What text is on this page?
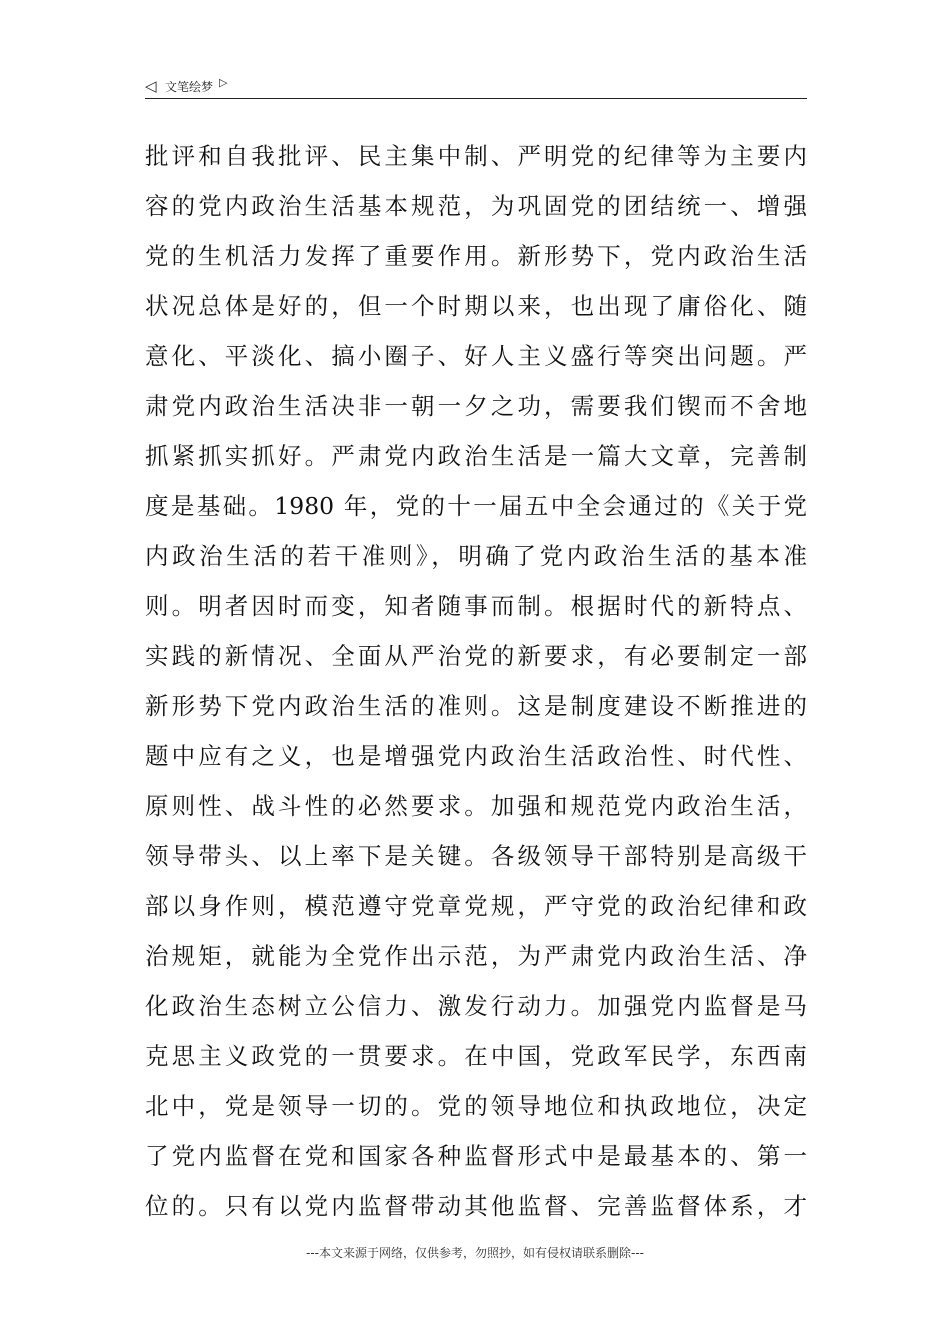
◁ 文笔绘梦 ▷
批评和自我批评、民主集中制、严明党的纪律等为主要内
容的党内政治生活基本规范，为巩固党的团结统一、增强
党的生机活力发挥了重要作用。新形势下，党内政治生活
状况总体是好的，但一个时期以来，也出现了庸俗化、随
意化、平淡化、搞小圈子、好人主义盛行等突出问题。严
肃党内政治生活决非一朝一夕之功，需要我们锲而不舍地
抓紧抓实抓好。严肃党内政治生活是一篇大文章，完善制
度是基础。1980 年，党的十一届五中全会通过的《关于党
内政治生活的若干准则》，明确了党内政治生活的基本准
则。明者因时而变，知者随事而制。根据时代的新特点、
实践的新情况、全面从严治党的新要求，有必要制定一部
新形势下党内政治生活的准则。这是制度建设不断推进的
题中应有之义，也是增强党内政治生活政治性、时代性、
原则性、战斗性的必然要求。加强和规范党内政治生活，
领导带头、以上率下是关键。各级领导干部特别是高级干
部以身作则，模范遵守党章党规，严守党的政治纪律和政
治规矩，就能为全党作出示范，为严肃党内政治生活、净
化政治生态树立公信力、激发行动力。加强党内监督是马
克思主义政党的一贯要求。在中国，党政军民学，东西南
北中，党是领导一切的。党的领导地位和执政地位，决定
了党内监督在党和国家各种监督形式中是最基本的、第一
位的。只有以党内监督带动其他监督、完善监督体系，才
---本文来源于网络，仅供参考，勿照抄，如有侵权请联系删除---
